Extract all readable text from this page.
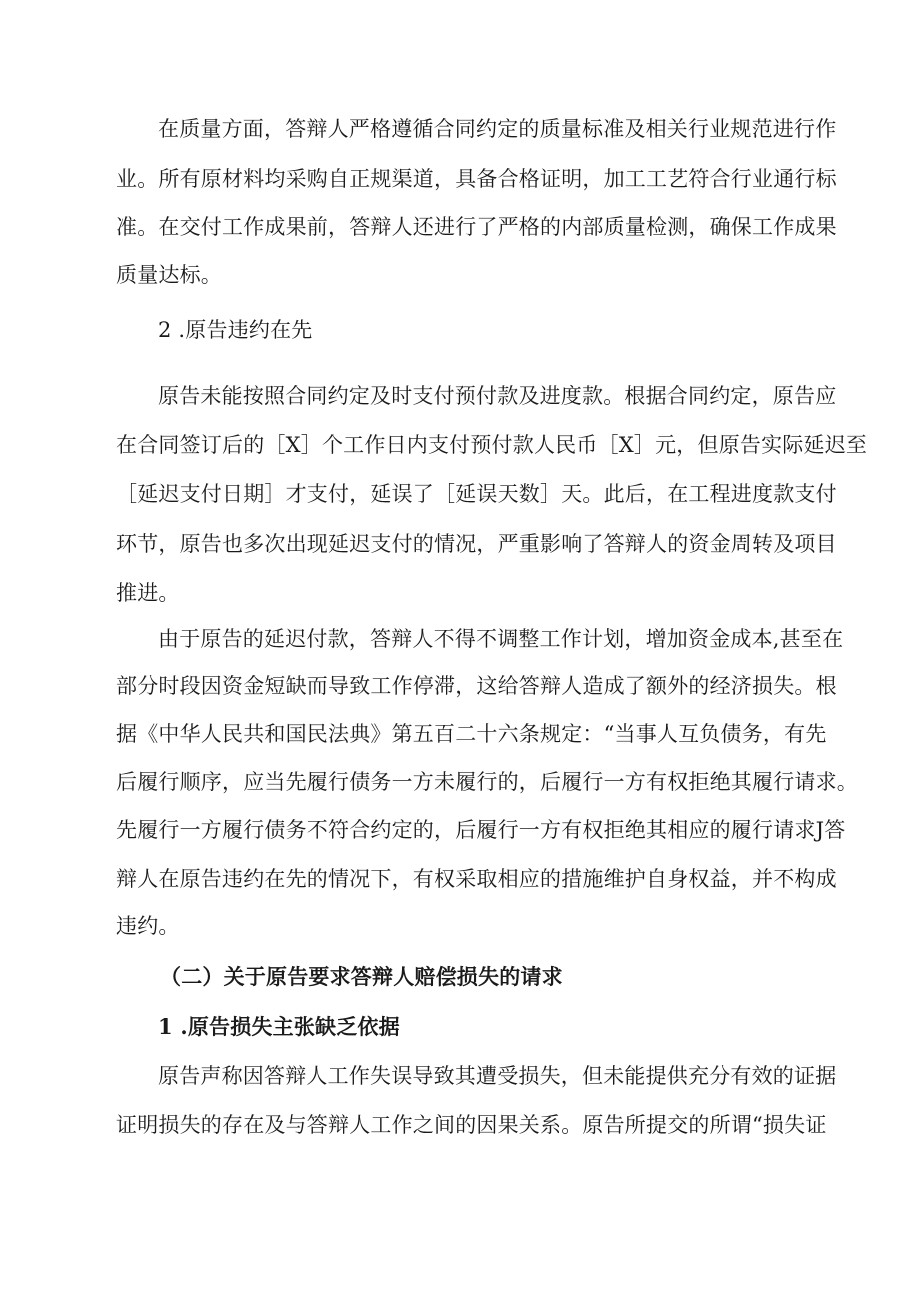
在质量方面，答辩人严格遵循合同约定的质量标准及相关行业规范进行作
业。所有原材料均采购自正规渠道，具备合格证明，加工工艺符合行业通行标
准。在交付工作成果前，答辩人还进行了严格的内部质量检测，确保工作成果
质量达标。
2 .原告违约在先
原告未能按照合同约定及时支付预付款及进度款。根据合同约定，原告应
在合同签订后的［X］个工作日内支付预付款人民币［X］元，但原告实际延迟至
［延迟支付日期］才支付，延误了［延误天数］天。此后，在工程进度款支付
环节，原告也多次出现延迟支付的情况，严重影响了答辩人的资金周转及项目
推进。
由于原告的延迟付款，答辩人不得不调整工作计划，增加资金成本,甚至在
部分时段因资金短缺而导致工作停滞，这给答辩人造成了额外的经济损失。根
据《中华人民共和国民法典》第五百二十六条规定：“当事人互负债务，有先
后履行顺序，应当先履行债务一方未履行的，后履行一方有权拒绝其履行请求。
先履行一方履行债务不符合约定的，后履行一方有权拒绝其相应的履行请求J答
辩人在原告违约在先的情况下，有权采取相应的措施维护自身权益，并不构成
违约。
（二）关于原告要求答辩人赔偿损失的请求
1 .原告损失主张缺乏依据
原告声称因答辩人工作失误导致其遭受损失，但未能提供充分有效的证据
证明损失的存在及与答辩人工作之间的因果关系。原告所提交的所谓“损失证
